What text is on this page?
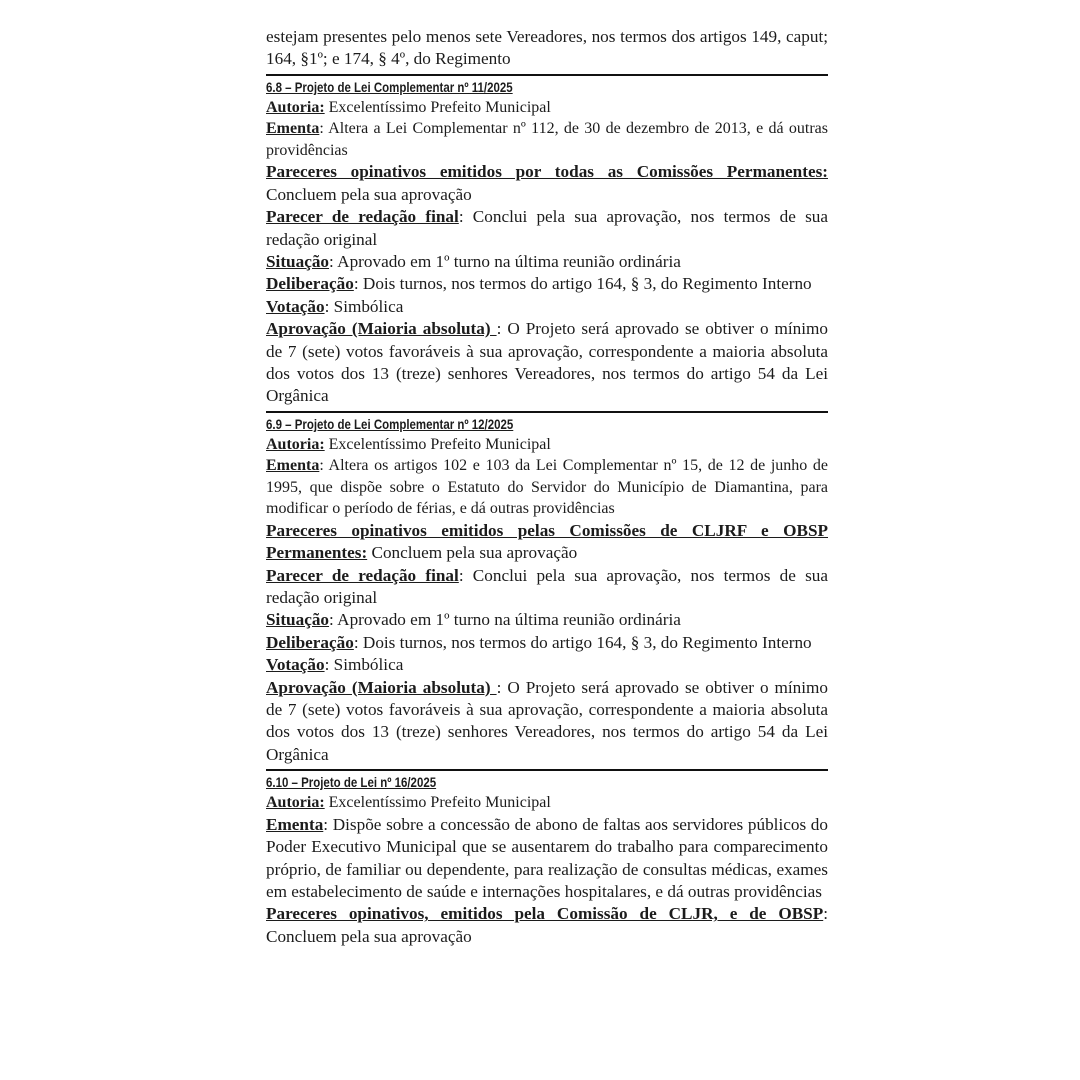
estejam presentes pelo menos sete Vereadores, nos termos dos artigos 149, caput; 164, §1º; e 174, § 4º, do Regimento

6.8 – Projeto de Lei Complementar nº 11/2025

Autoria: Excelentíssimo Prefeito Municipal

Ementa: Altera a Lei Complementar nº 112, de 30 de dezembro de 2013, e dá outras providências

Pareceres opinativos emitidos por todas as Comissões Permanentes:

Concluem pela sua aprovação

Parecer de redação final: Conclui pela sua aprovação, nos termos de sua redação original

Situação: Aprovado em 1º turno na última reunião ordinária

Deliberação: Dois turnos, nos termos do artigo 164, § 3, do Regimento Interno

Votação: Simbólica

Aprovação (Maioria absoluta) : O Projeto será aprovado se obtiver o mínimo de 7 (sete) votos favoráveis à sua aprovação, correspondente a maioria absoluta dos votos dos 13 (treze) senhores Vereadores, nos termos do artigo 54 da Lei Orgânica

6.9 – Projeto de Lei Complementar nº 12/2025

Autoria: Excelentíssimo Prefeito Municipal

Ementa: Altera os artigos 102 e 103 da Lei Complementar nº 15, de 12 de junho de 1995, que dispõe sobre o Estatuto do Servidor do Município de Diamantina, para modificar o período de férias, e dá outras providências

Pareceres opinativos emitidos pelas Comissões de CLJRF e OBSP

Permanentes: Concluem pela sua aprovação

Parecer de redação final: Conclui pela sua aprovação, nos termos de sua redação original

Situação: Aprovado em 1º turno na última reunião ordinária

Deliberação: Dois turnos, nos termos do artigo 164, § 3, do Regimento Interno

Votação: Simbólica

Aprovação (Maioria absoluta) : O Projeto será aprovado se obtiver o mínimo de 7 (sete) votos favoráveis à sua aprovação, correspondente a maioria absoluta dos votos dos 13 (treze) senhores Vereadores, nos termos do artigo 54 da Lei Orgânica

6.10 – Projeto de Lei nº 16/2025

Autoria: Excelentíssimo Prefeito Municipal

Ementa: Dispõe sobre a concessão de abono de faltas aos servidores públicos do Poder Executivo Municipal que se ausentarem do trabalho para comparecimento próprio, de familiar ou dependente, para realização de consultas médicas, exames em estabelecimento de saúde e internações hospitalares, e dá outras providências

Pareceres opinativos, emitidos pela Comissão de CLJR, e de OBSP:

Concluem pela sua aprovação
